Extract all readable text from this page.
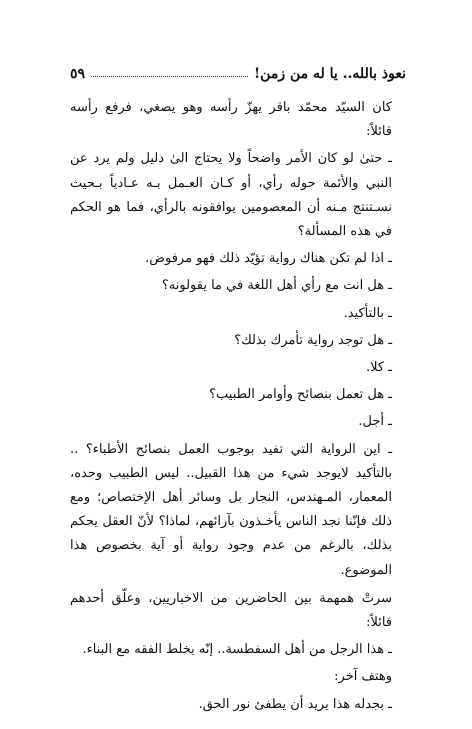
نعوذ بالله.. يا له من زمن!
٥٩

كان السيّد محمّد باقر يهزّ رأسه وهو يصغي، فرفع رأسه قائلاً:

ـ حتىٰ لو كان الأمر واضحاً ولا يحتاج الىٰ دليل ولم يرد عن النبي والأئمة حوله رأي، أو كـان العـمل بـه عـادياً بـحيث نسـتنتج مـنه أن المعصومين يوافقونه بالرأي، فما هو الحكم في هذه المسألة؟

ـ اذا لم تكن هناك رواية تؤيّد ذلك فهو مرفوض.

ـ هل انت مع رأي أهل اللغة في ما يقولونه؟

ـ بالتأكيد.

ـ هل توجد رواية تأمرك بذلك؟

ـ كلا.

ـ هل تعمل بنصائح وأوامر الطبيب؟

ـ أجل.

ـ اين الرواية التي تفيد بوجوب العمل بنصائح الأطباء؟ .. بالتأكيد لايوجد شيء من هذا القبيل.. ليس الطبيب وحده، المعمار، المـهندس، النجار بل وسائر أهل الإختصاص؛ ومع ذلك فإنّنا نجد الناس يأخـذون بآرائهم، لماذا؟ لأنّ العقل يحكم بذلك، بالرغم من عدم وجود رواية أو آية بخصوص هذا الموضوع.

سرتْ همهمة بين الحاضرين من الاخباريين، وعلّق أحدهم قائلاً:

ـ هذا الرجل من أهل السفطسة.. إنّه يخلط الفقه مع البناء.

وهتف آخر:

ـ بجدله هذا يريد أن يطفئ نور الحق.
